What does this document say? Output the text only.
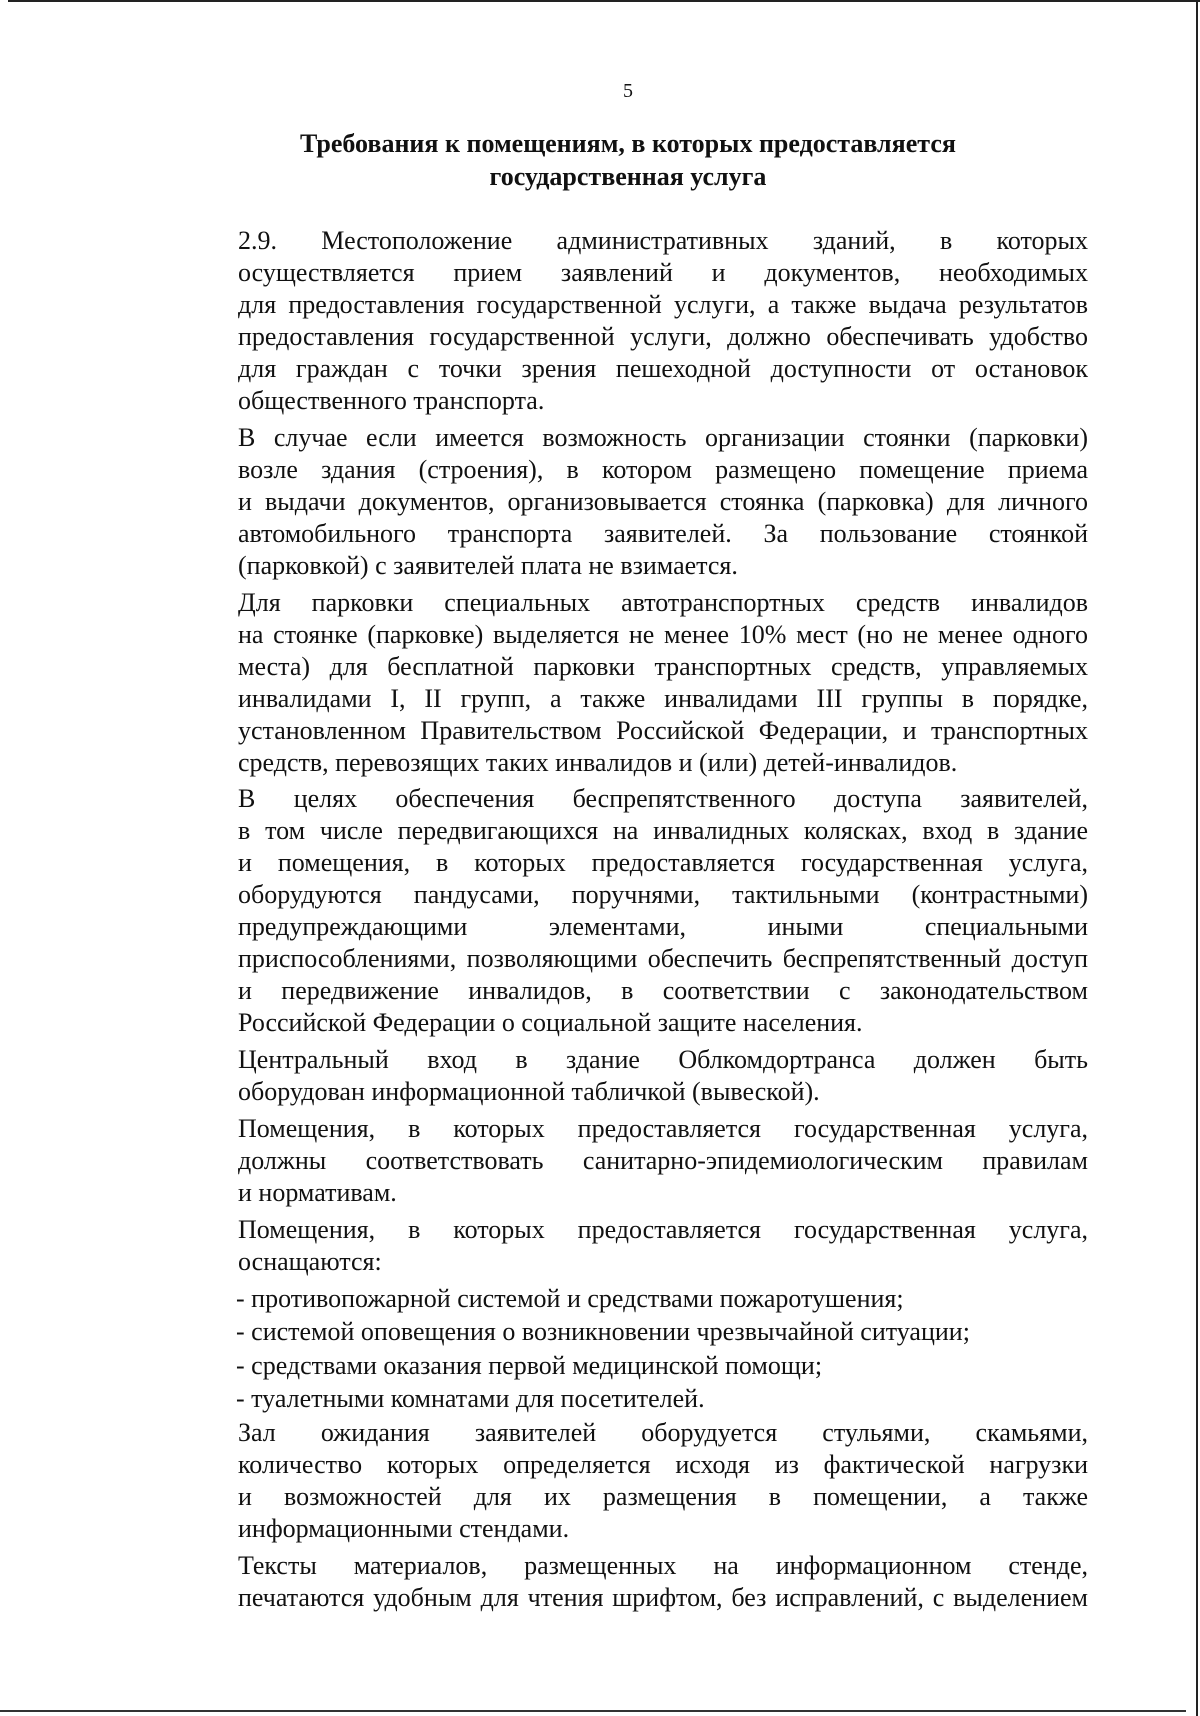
5
Требования к помещениям, в которых предоставляется
государственная услуга
2.9. Местоположение административных зданий, в которых
осуществляется прием заявлений и документов, необходимых
для предоставления государственной услуги, а также выдача результатов
предоставления государственной услуги, должно обеспечивать удобство
для граждан с точки зрения пешеходной доступности от остановок
общественного транспорта.
В случае если имеется возможность организации стоянки (парковки)
возле здания (строения), в котором размещено помещение приема
и выдачи документов, организовывается стоянка (парковка) для личного
автомобильного транспорта заявителей. За пользование стоянкой
(парковкой) с заявителей плата не взимается.
Для парковки специальных автотранспортных средств инвалидов
на стоянке (парковке) выделяется не менее 10% мест (но не менее одного
места) для бесплатной парковки транспортных средств, управляемых
инвалидами I, II групп, а также инвалидами III группы в порядке,
установленном Правительством Российской Федерации, и транспортных
средств, перевозящих таких инвалидов и (или) детей-инвалидов.
В целях обеспечения беспрепятственного доступа заявителей,
в том числе передвигающихся на инвалидных колясках, вход в здание
и помещения, в которых предоставляется государственная услуга,
оборудуются пандусами, поручнями, тактильными (контрастными)
предупреждающими элементами, иными специальными
приспособлениями, позволяющими обеспечить беспрепятственный доступ
и передвижение инвалидов, в соответствии с законодательством
Российской Федерации о социальной защите населения.
Центральный вход в здание Облкомдортранса должен быть
оборудован информационной табличкой (вывеской).
Помещения, в которых предоставляется государственная услуга,
должны соответствовать санитарно-эпидемиологическим правилам
и нормативам.
Помещения, в которых предоставляется государственная услуга,
оснащаются:
- противопожарной системой и средствами пожаротушения;
- системой оповещения о возникновении чрезвычайной ситуации;
- средствами оказания первой медицинской помощи;
- туалетными комнатами для посетителей.
Зал ожидания заявителей оборудуется стульями, скамьями,
количество которых определяется исходя из фактической нагрузки
и возможностей для их размещения в помещении, а также
информационными стендами.
Тексты материалов, размещенных на информационном стенде,
печатаются удобным для чтения шрифтом, без исправлений, с выделением
